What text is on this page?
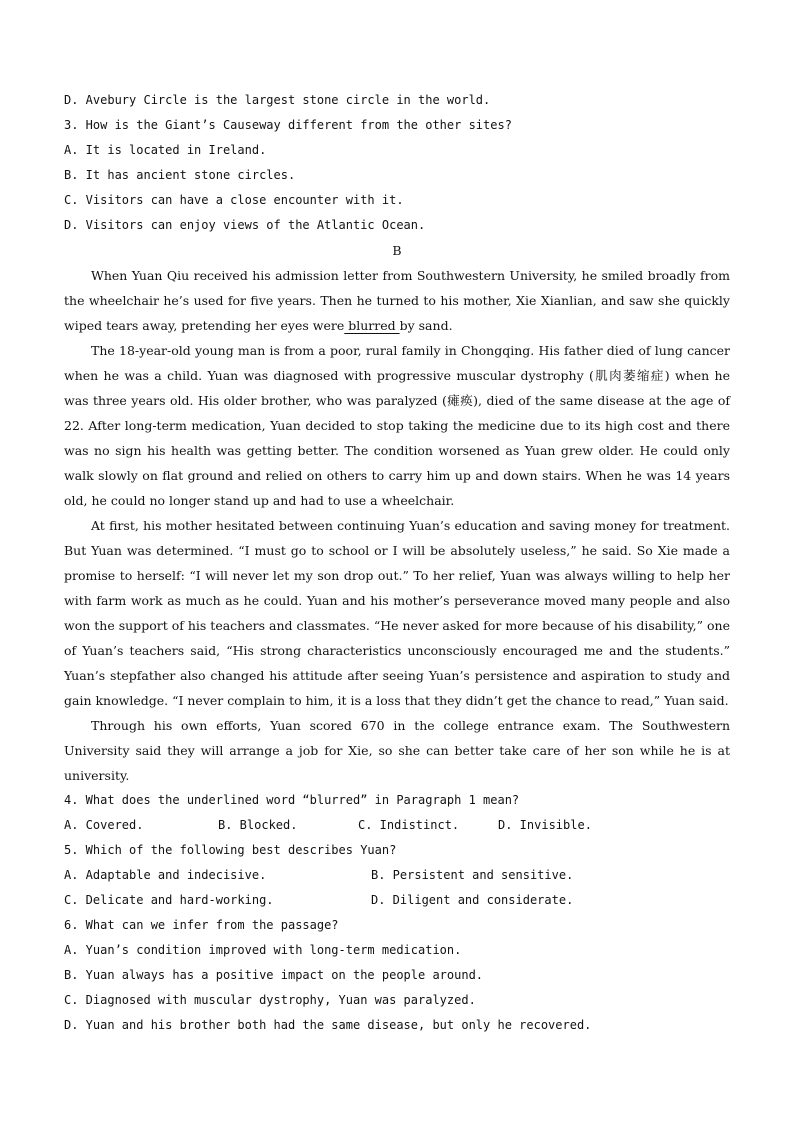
D. Avebury Circle is the largest stone circle in the world.
3. How is the Giant’s Causeway different from the other sites?
A. It is located in Ireland.
B. It has ancient stone circles.
C. Visitors can have a close encounter with it.
D. Visitors can enjoy views of the Atlantic Ocean.
B
When Yuan Qiu received his admission letter from Southwestern University, he smiled broadly from the wheelchair he’s used for five years. Then he turned to his mother, Xie Xianlian, and saw she quickly wiped tears away, pretending her eyes were blurred by sand.
The 18-year-old young man is from a poor, rural family in Chongqing. His father died of lung cancer when he was a child. Yuan was diagnosed with progressive muscular dystrophy (肌肉萎缩症) when he was three years old. His older brother, who was paralyzed (瘫痪), died of the same disease at the age of 22. After long-term medication, Yuan decided to stop taking the medicine due to its high cost and there was no sign his health was getting better. The condition worsened as Yuan grew older. He could only walk slowly on flat ground and relied on others to carry him up and down stairs. When he was 14 years old, he could no longer stand up and had to use a wheelchair.
At first, his mother hesitated between continuing Yuan’s education and saving money for treatment. But Yuan was determined. “I must go to school or I will be absolutely useless,” he said. So Xie made a promise to herself: “I will never let my son drop out.” To her relief, Yuan was always willing to help her with farm work as much as he could. Yuan and his mother’s perseverance moved many people and also won the support of his teachers and classmates. “He never asked for more because of his disability,” one of Yuan’s teachers said, “His strong characteristics unconsciously encouraged me and the students.” Yuan’s stepfather also changed his attitude after seeing Yuan’s persistence and aspiration to study and gain knowledge. “I never complain to him, it is a loss that they didn’t get the chance to read,” Yuan said.
Through his own efforts, Yuan scored 670 in the college entrance exam. The Southwestern University said they will arrange a job for Xie, so she can better take care of her son while he is at university.
4. What does the underlined word “blurred” in Paragraph 1 mean?
A. Covered.	B. Blocked.	C. Indistinct.	D. Invisible.
5. Which of the following best describes Yuan?
A. Adaptable and indecisive.	B. Persistent and sensitive.
C. Delicate and hard-working.	D. Diligent and considerate.
6. What can we infer from the passage?
A. Yuan’s condition improved with long-term medication.
B. Yuan always has a positive impact on the people around.
C. Diagnosed with muscular dystrophy, Yuan was paralyzed.
D. Yuan and his brother both had the same disease, but only he recovered.
